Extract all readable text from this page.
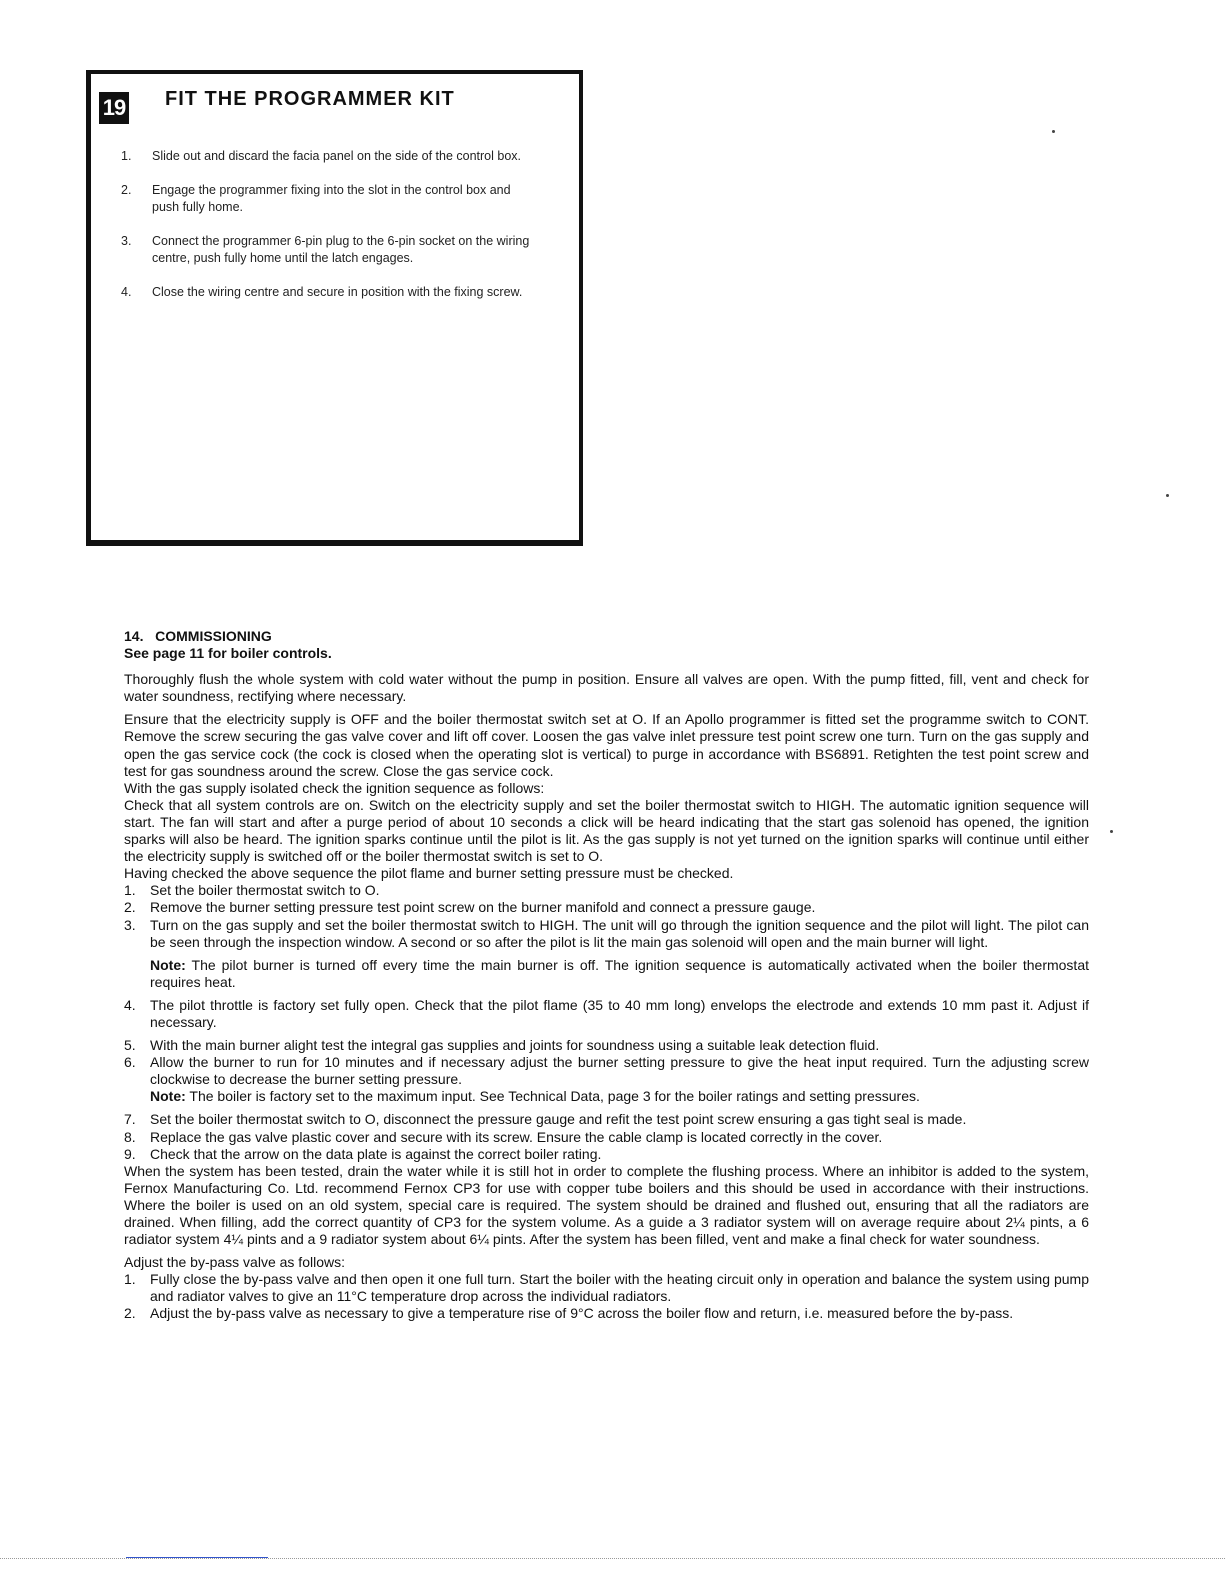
19 FIT THE PROGRAMMER KIT
1. Slide out and discard the facia panel on the side of the control box.
2. Engage the programmer fixing into the slot in the control box and push fully home.
3. Connect the programmer 6-pin plug to the 6-pin socket on the wiring centre, push fully home until the latch engages.
4. Close the wiring centre and secure in position with the fixing screw.

14.   COMMISSIONING

See page 11 for boiler controls.

Thoroughly flush the whole system with cold water without the pump in position. Ensure all valves are open. With the pump fitted, fill, vent and check for water soundness, rectifying where necessary.

Ensure that the electricity supply is OFF and the boiler thermostat switch set at O. If an Apollo programmer is fitted set the programme switch to CONT. Remove the screw securing the gas valve cover and lift off cover. Loosen the gas valve inlet pressure test point screw one turn. Turn on the gas supply and open the gas service cock (the cock is closed when the operating slot is vertical) to purge in accordance with BS6891. Retighten the test point screw and test for gas soundness around the screw. Close the gas service cock.

With the gas supply isolated check the ignition sequence as follows:

Check that all system controls are on. Switch on the electricity supply and set the boiler thermostat switch to HIGH. The automatic ignition sequence will start. The fan will start and after a purge period of about 10 seconds a click will be heard indicating that the start gas solenoid has opened, the ignition sparks will also be heard. The ignition sparks continue until the pilot is lit. As the gas supply is not yet turned on the ignition sparks will continue until either the electricity supply is switched off or the boiler thermostat switch is set to O.

Having checked the above sequence the pilot flame and burner setting pressure must be checked.

1. Set the boiler thermostat switch to O.

2. Remove the burner setting pressure test point screw on the burner manifold and connect a pressure gauge.

3. Turn on the gas supply and set the boiler thermostat switch to HIGH. The unit will go through the ignition sequence and the pilot will light. The pilot can be seen through the inspection window. A second or so after the pilot is lit the main gas solenoid will open and the main burner will light.

Note: The pilot burner is turned off every time the main burner is off. The ignition sequence is automatically activated when the boiler thermostat requires heat.

4. The pilot throttle is factory set fully open. Check that the pilot flame (35 to 40 mm long) envelops the electrode and extends 10 mm past it. Adjust if necessary.

5. With the main burner alight test the integral gas supplies and joints for soundness using a suitable leak detection fluid.

6. Allow the burner to run for 10 minutes and if necessary adjust the burner setting pressure to give the heat input required. Turn the adjusting screw clockwise to decrease the burner setting pressure.

Note: The boiler is factory set to the maximum input. See Technical Data, page 3 for the boiler ratings and setting pressures.

7. Set the boiler thermostat switch to O, disconnect the pressure gauge and refit the test point screw ensuring a gas tight seal is made.

8. Replace the gas valve plastic cover and secure with its screw. Ensure the cable clamp is located correctly in the cover.

9. Check that the arrow on the data plate is against the correct boiler rating.

When the system has been tested, drain the water while it is still hot in order to complete the flushing process. Where an inhibitor is added to the system, Fernox Manufacturing Co. Ltd. recommend Fernox CP3 for use with copper tube boilers and this should be used in accordance with their instructions. Where the boiler is used on an old system, special care is required. The system should be drained and flushed out, ensuring that all the radiators are drained. When filling, add the correct quantity of CP3 for the system volume. As a guide a 3 radiator system will on average require about 2¼ pints, a 6 radiator system 4¼ pints and a 9 radiator system about 6¼ pints. After the system has been filled, vent and make a final check for water soundness.

Adjust the by-pass valve as follows:

1. Fully close the by-pass valve and then open it one full turn. Start the boiler with the heating circuit only in operation and balance the system using pump and radiator valves to give an 11°C temperature drop across the individual radiators.

2. Adjust the by-pass valve as necessary to give a temperature rise of 9°C across the boiler flow and return, i.e. measured before the by-pass.
